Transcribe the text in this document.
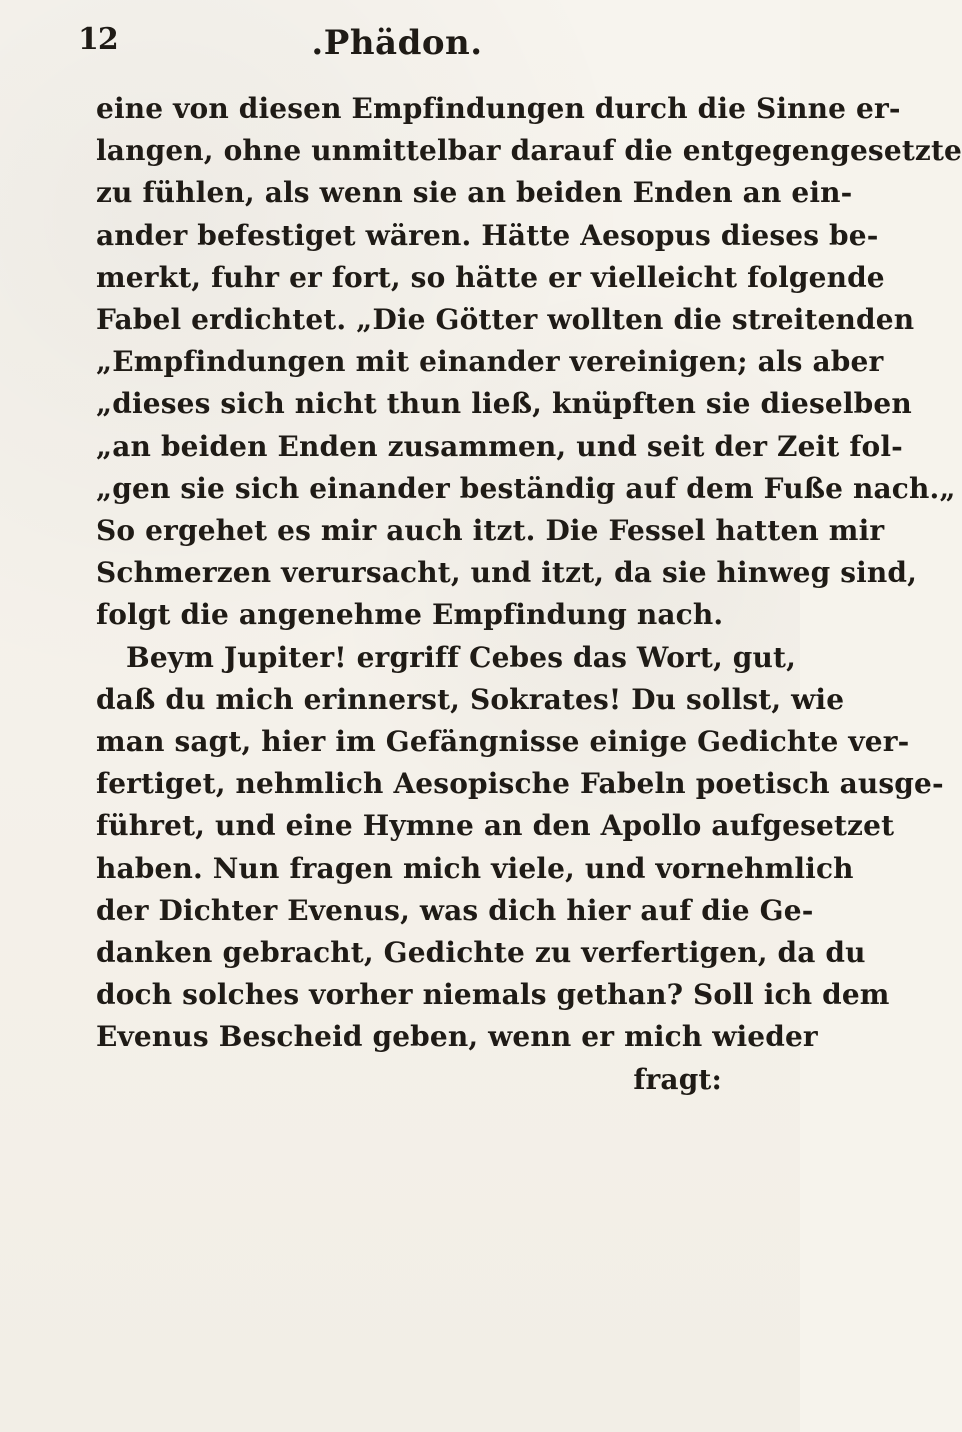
12	.Phädon.
eine von diesen Empfindungen durch die Sinne er-
langen, ohne unmittelbar darauf die entgegengesetzte
zu fühlen, als wenn sie an beiden Enden an ein-
ander befestiget wären. Hätte Aesopus dieses be-
merkt, fuhr er fort, so hätte er vielleicht folgende
Fabel erdichtet. „Die Götter wollten die streitenden
„Empfindungen mit einander vereinigen; als aber
„dieses sich nicht thun ließ, knüpften sie dieselben
„an beiden Enden zusammen, und seit der Zeit fol-
„gen sie sich einander beständig auf dem Fuße nach.„
So ergehet es mir auch itzt. Die Fessel hatten mir
Schmerzen verursacht, und itzt, da sie hinweg sind,
folgt die angenehme Empfindung nach.
Beym Jupiter! ergriff Cebes das Wort, gut,
daß du mich erinnerst, Sokrates! Du sollst, wie
man sagt, hier im Gefängnisse einige Gedichte ver-
fertiget, nehmlich Aesopische Fabeln poetisch ausge-
führet, und eine Hymne an den Apollo aufgesetzet
haben. Nun fragen mich viele, und vornehmlich
der Dichter Evenus, was dich hier auf die Ge-
danken gebracht, Gedichte zu verfertigen, da du
doch solches vorher niemals gethan? Soll ich dem
Evenus Bescheid geben, wenn er mich wieder
fragt:
